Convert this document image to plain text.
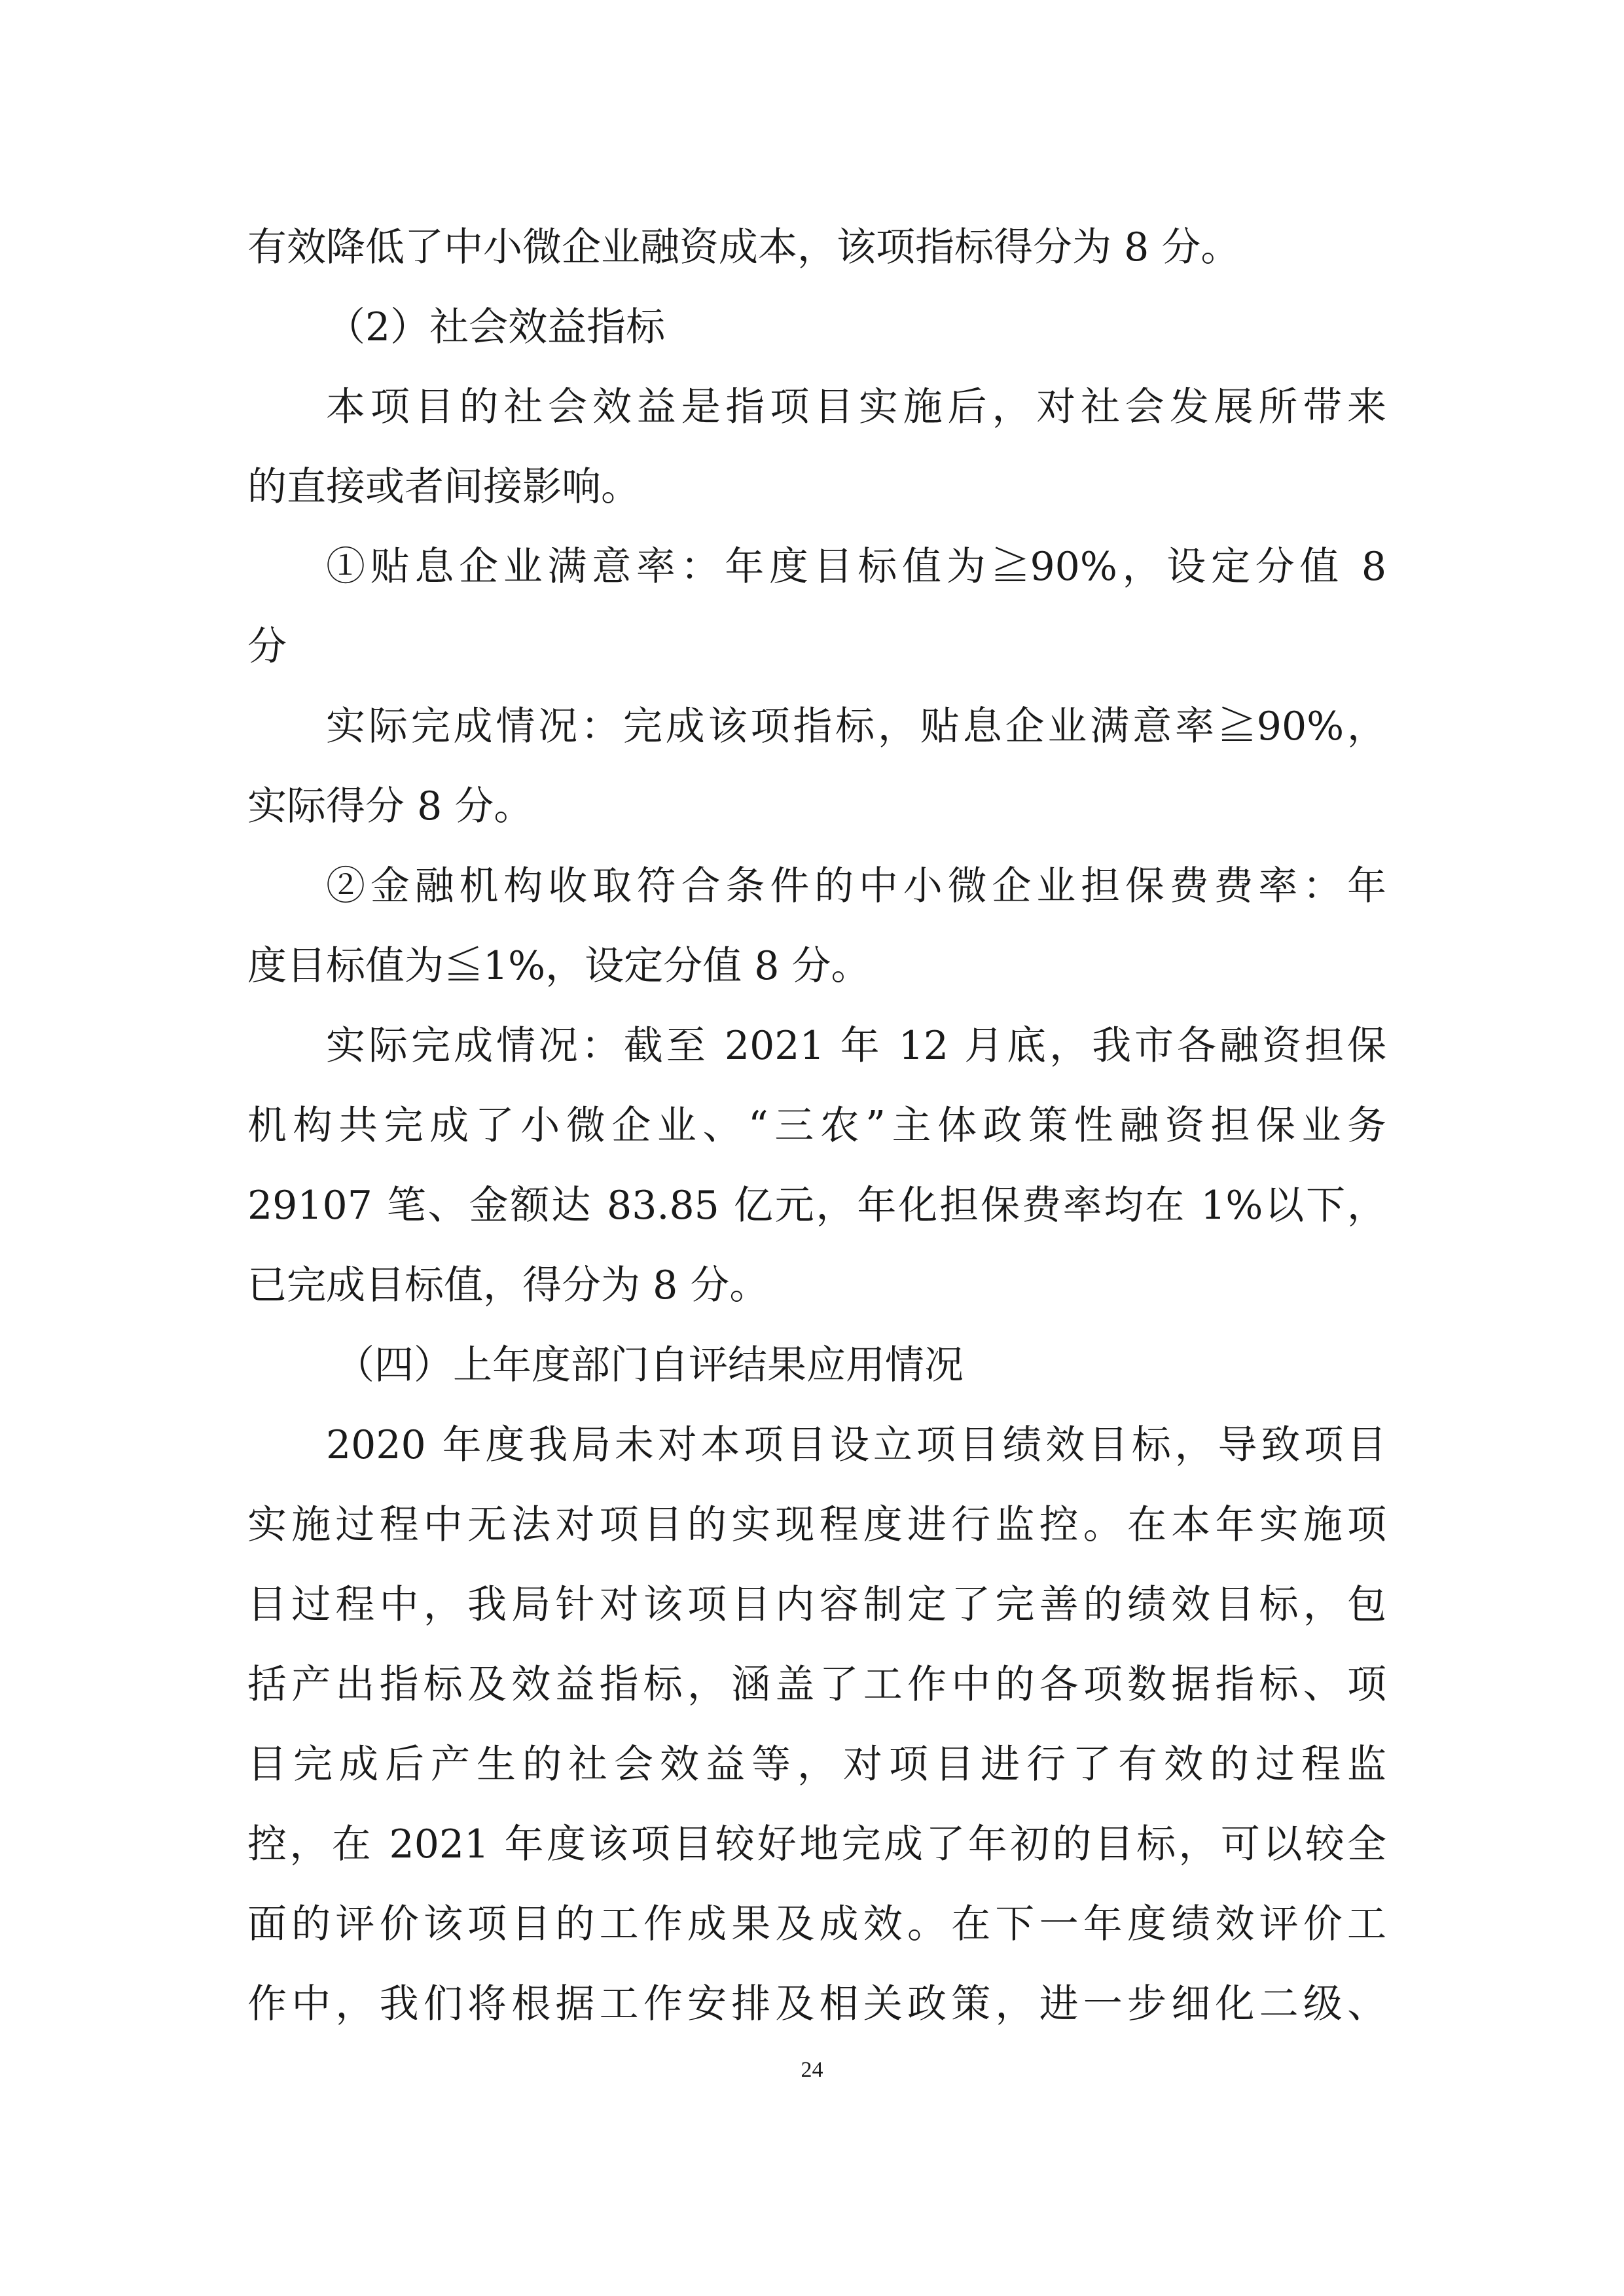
有效降低了中小微企业融资成本，该项指标得分为 8 分。
（2）社会效益指标
本项目的社会效益是指项目实施后，对社会发展所带来
的直接或者间接影响。
①贴息企业满意率：年度目标值为≧90%，设定分值 8
分
实际完成情况：完成该项指标，贴息企业满意率≧90%，
实际得分 8 分。
②金融机构收取符合条件的中小微企业担保费费率：年
度目标值为≦1%，设定分值 8 分。
实际完成情况：截至 2021 年 12 月底，我市各融资担保
机构共完成了小微企业、“三农”主体政策性融资担保业务
29107 笔、金额达 83.85 亿元，年化担保费率均在 1%以下，
已完成目标值，得分为 8 分。
（四）上年度部门自评结果应用情况
2020 年度我局未对本项目设立项目绩效目标，导致项目
实施过程中无法对项目的实现程度进行监控。在本年实施项
目过程中，我局针对该项目内容制定了完善的绩效目标，包
括产出指标及效益指标，涵盖了工作中的各项数据指标、项
目完成后产生的社会效益等，对项目进行了有效的过程监
控，在 2021 年度该项目较好地完成了年初的目标，可以较全
面的评价该项目的工作成果及成效。在下一年度绩效评价工
作中，我们将根据工作安排及相关政策，进一步细化二级、
24
